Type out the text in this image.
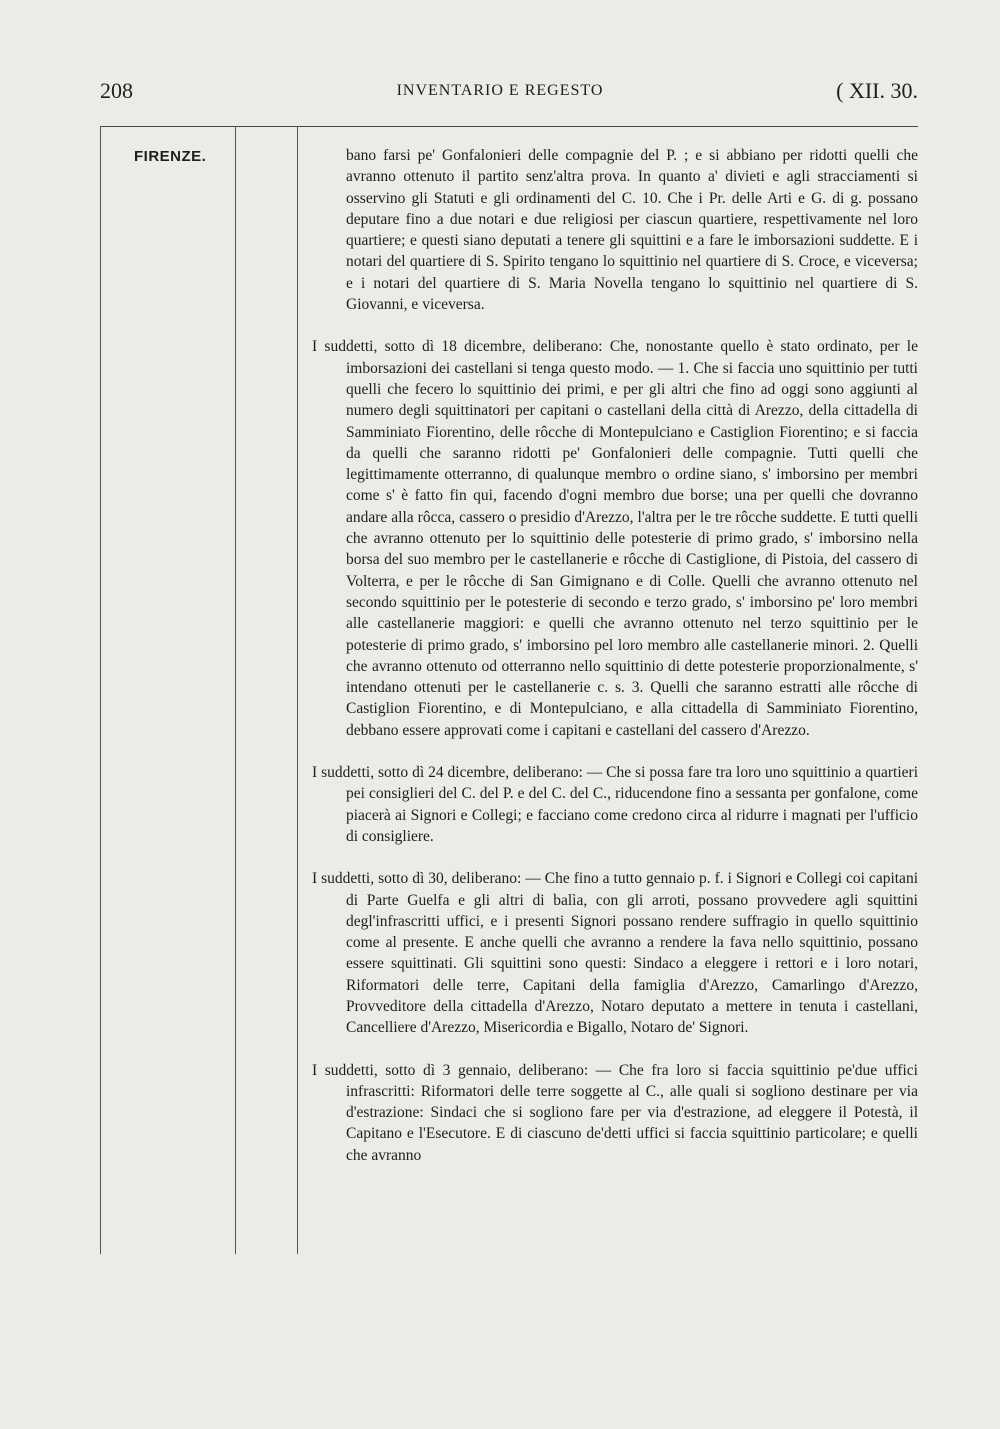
208	INVENTARIO E REGESTO	( XII. 30.
FIRENZE.	bano farsi pe' Gonfalonieri delle compagnie del P. ; e si abbiano per ridotti quelli che avranno ottenuto il partito senz'altra prova. In quanto a' divieti e agli stracciamenti si osservino gli Statuti e gli ordinamenti del C. 10. Che i Pr. delle Arti e G. di g. possano deputare fino a due notari e due religiosi per ciascun quartiere, respettivamente nel loro quartiere; e questi siano deputati a tenere gli squittini e a fare le imborsazioni suddette. E i notari del quartiere di S. Spirito tengano lo squittinio nel quartiere di S. Croce, e viceversa; e i notari del quartiere di S. Maria Novella tengano lo squittinio nel quartiere di S. Giovanni, e viceversa.

I suddetti, sotto dì 18 dicembre, deliberano: Che, nonostante quello è stato ordinato, per le imborsazioni dei castellani si tenga questo modo. — 1. Che si faccia uno squittinio per tutti quelli che fecero lo squittinio dei primi, e per gli altri che fino ad oggi sono aggiunti al numero degli squittinatori per capitani o castellani della città di Arezzo, della cittadella di Samminiato Fiorentino, delle rôcche di Montepulciano e Castiglion Fiorentino; e si faccia da quelli che saranno ridotti pe' Gonfalonieri delle compagnie. Tutti quelli che legittimamente otterranno, di qualunque membro o ordine siano, s' imborsino per membri come s' è fatto fin qui, facendo d'ogni membro due borse; una per quelli che dovranno andare alla rôcca, cassero o presidio d'Arezzo, l'altra per le tre rôcche suddette. E tutti quelli che avranno ottenuto per lo squittinio delle potesterie di primo grado, s' imborsino nella borsa del suo membro per le castellanerie e rôcche di Castiglione, di Pistoia, del cassero di Volterra, e per le rôcche di San Gimignano e di Colle. Quelli che avranno ottenuto nel secondo squittinio per le potesterie di secondo e terzo grado, s' imborsino pe' loro membri alle castellanerie maggiori: e quelli che avranno ottenuto nel terzo squittinio per le potesterie di primo grado, s' imborsino pel loro membro alle castellanerie minori. 2. Quelli che avranno ottenuto od otterranno nello squittinio di dette potesterie proporzionalmente, s' intendano ottenuti per le castellanerie c. s. 3. Quelli che saranno estratti alle rôcche di Castiglion Fiorentino, e di Montepulciano, e alla cittadella di Samminiato Fiorentino, debbano essere approvati come i capitani e castellani del cassero d'Arezzo.

I suddetti, sotto dì 24 dicembre, deliberano: — Che si possa fare tra loro uno squittinio a quartieri pei consiglieri del C. del P. e del C. del C., riducendone fino a sessanta per gonfalone, come piacerà ai Signori e Collegi; e facciano come credono circa al ridurre i magnati per l'ufficio di consigliere.

I suddetti, sotto dì 30, deliberano: — Che fino a tutto gennaio p. f. i Signori e Collegi coi capitani di Parte Guelfa e gli altri di balìa, con gli arroti, possano provvedere agli squittini degl'infrascritti uffici, e i presenti Signori possano rendere suffragio in quello squittinio come al presente. E anche quelli che avranno a rendere la fava nello squittinio, possano essere squittinati. Gli squittini sono questi: Sindaco a eleggere i rettori e i loro notari, Riformatori delle terre, Capitani della famiglia d'Arezzo, Camarlingo d'Arezzo, Provveditore della cittadella d'Arezzo, Notaro deputato a mettere in tenuta i castellani, Cancelliere d'Arezzo, Misericordia e Bigallo, Notaro de' Signori.

I suddetti, sotto dì 3 gennaio, deliberano: — Che fra loro si faccia squittinio pe'due uffici infrascritti: Riformatori delle terre soggette al C., alle quali si sogliono destinare per via d'estrazione: Sindaci che si sogliono fare per via d'estrazione, ad eleggere il Potestà, il Capitano e l'Esecutore. E di ciascuno de'detti uffici si faccia squittinio particolare; e quelli che avranno
